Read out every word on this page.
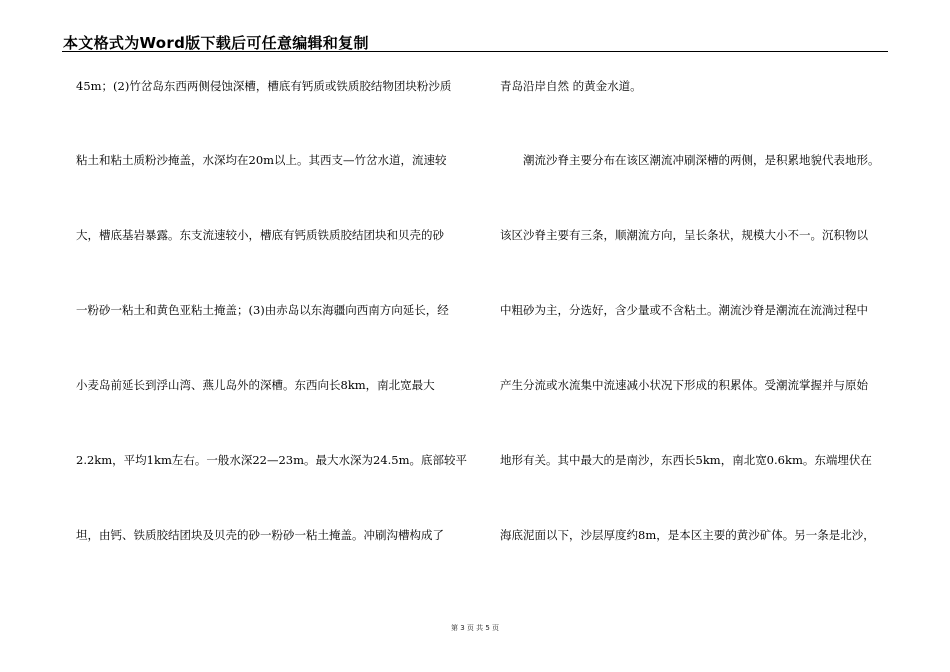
本文格式为Word版下载后可任意编辑和复制
45m；(2)竹岔岛东西两侧侵蚀深槽，槽底有钙质或铁质胶结物团块粉沙质
粘土和粘土质粉沙掩盖，水深均在20m以上。其西支—竹岔水道，流速较
大，槽底基岩暴露。东支流速较小，槽底有钙质铁质胶结团块和贝壳的砂
一粉砂一粘土和黄色亚粘土掩盖；(3)由赤岛以东海疆向西南方向延长，经
小麦岛前延长到浮山湾、燕儿岛外的深槽。东西向长8km，南北宽最大
2.2km，平均1km左右。一般水深22—23m。最大水深为24.5m。底部较平
坦，由钙、铁质胶结团块及贝壳的砂一粉砂一粘土掩盖。冲刷沟槽构成了
青岛沿岸自然 的黄金水道。
潮流沙脊主要分布在该区潮流冲刷深槽的两侧，是积累地貌代表地形。
该区沙脊主要有三条，顺潮流方向，呈长条状，规模大小不一。沉积物以
中粗砂为主，分选好，含少量或不含粘土。潮流沙脊是潮流在流淌过程中
产生分流或水流集中流速减小状况下形成的积累体。受潮流掌握并与原始
地形有关。其中最大的是南沙，东西长5km，南北宽0.6km。东端埋伏在
海底泥面以下，沙层厚度约8m，是本区主要的黄沙矿体。另一条是北沙，
第 3 页 共 5 页
